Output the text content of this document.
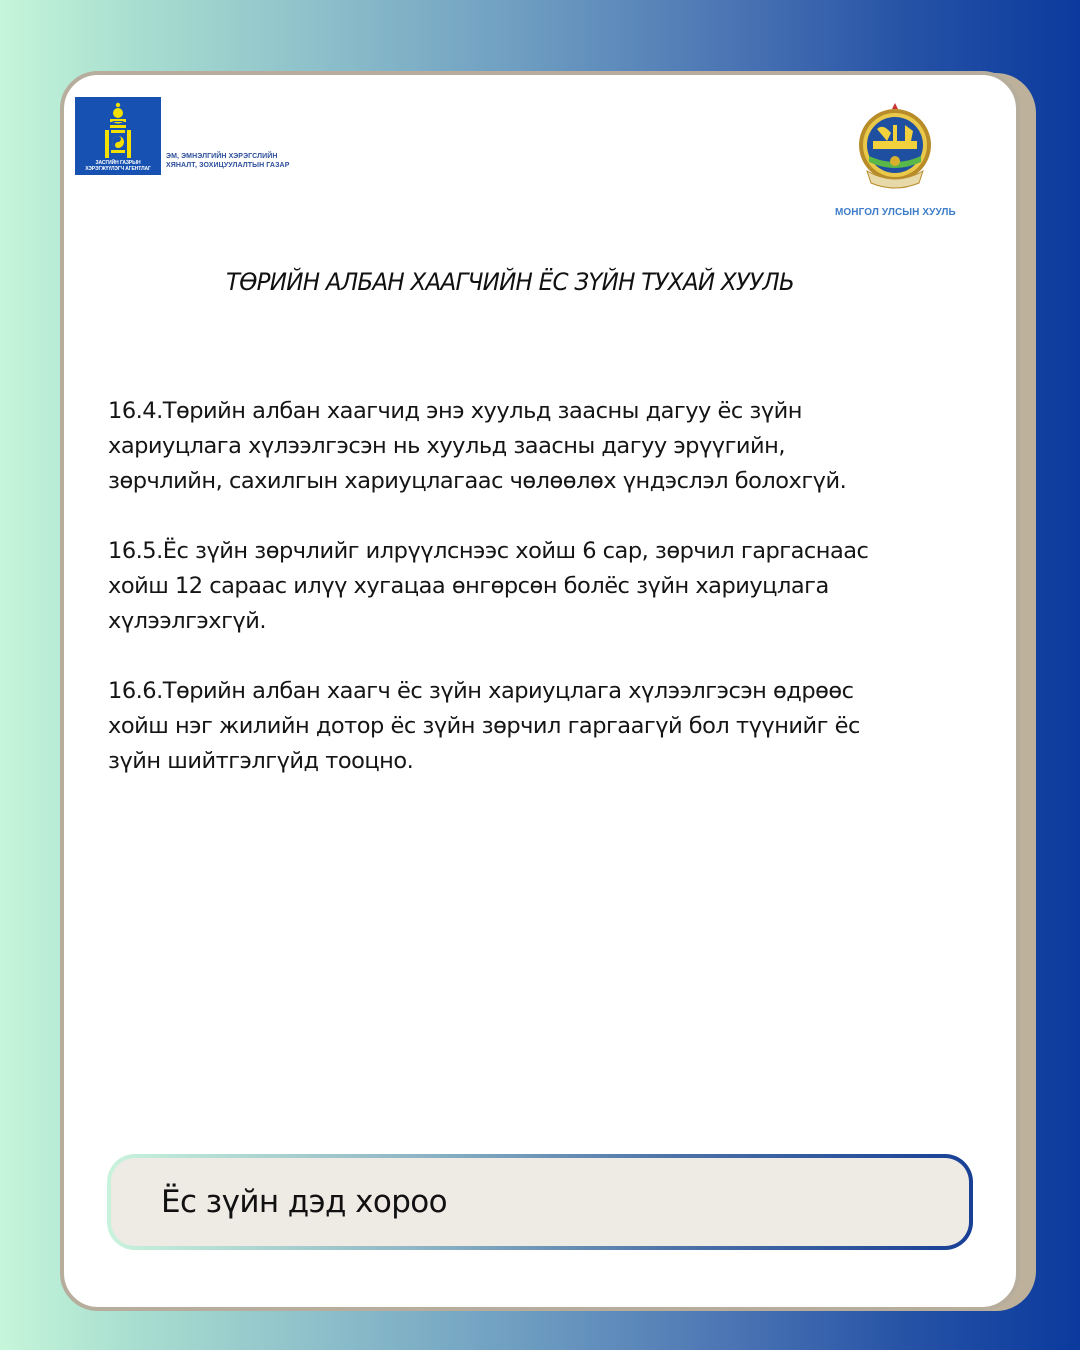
ЗАСГИЙН ГАЗРЫН
ХЭРЭГЖҮҮЛЭГЧ АГЕНТЛАГ
ЭМ, ЭМНЭЛГИЙН ХЭРЭГСЛИЙН
ХЯНАЛТ, ЗОХИЦУУЛАЛТЫН ГАЗАР
МОНГОЛ УЛСЫН ХУУЛЬ
ТӨРИЙН АЛБАН ХААГЧИЙН ЁС ЗҮЙН ТУХАЙ ХУУЛЬ
16.4.Төрийн албан хаагчид энэ хуульд заасны дагуу ёс зүйн
хариуцлага хүлээлгэсэн нь хуульд заасны дагуу эрүүгийн,
зөрчлийн, сахилгын хариуцлагаас чөлөөлөх үндэслэл болохгүй.
16.5.Ёс зүйн зөрчлийг илрүүлснээс хойш 6 сар, зөрчил гаргаснаас
хойш 12 сараас илүү хугацаа өнгөрсөн болёс зүйн хариуцлага
хүлээлгэхгүй.
16.6.Төрийн албан хаагч ёс зүйн хариуцлага хүлээлгэсэн өдрөөс
хойш нэг жилийн дотор ёс зүйн зөрчил гаргаагүй бол түүнийг ёс
зүйн шийтгэлгүйд тооцно.
Ёс зүйн дэд хороо
